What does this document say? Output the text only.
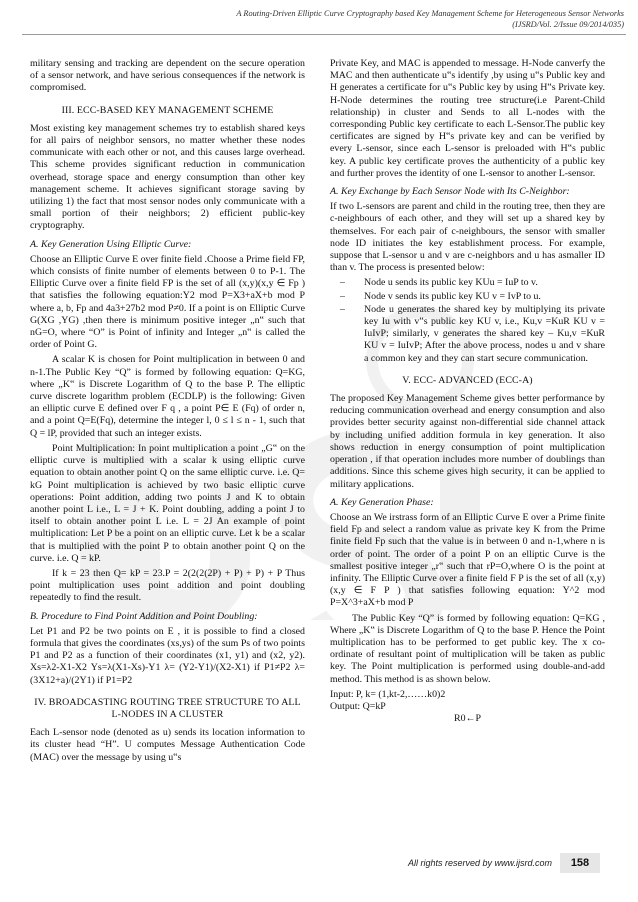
A Routing-Driven Elliptic Curve Cryptography based Key Management Scheme for Heterogeneous Sensor Networks
(IJSRD/Vol. 2/Issue 09/2014/035)

military sensing and tracking are dependent on the secure operation of a sensor network, and have serious consequences if the network is compromised.

III. ECC-BASED KEY MANAGEMENT SCHEME

Most existing key management schemes try to establish shared keys for all pairs of neighbor sensors, no matter whether these nodes communicate with each other or not, and this causes large overhead. This scheme provides significant reduction in communication overhead, storage space and energy consumption than other key management scheme. It achieves significant storage saving by utilizing 1) the fact that most sensor nodes only communicate with a small portion of their neighbors; 2) efficient public-key cryptography.

A. Key Generation Using Elliptic Curve:

Choose an Elliptic Curve E over finite field .Choose a Prime field FP, which consists of finite number of elements between 0 to P-1. The Elliptic Curve over a finite field FP is the set of all (x,y)(x,y ∈ Fp ) that satisfies the following equation:Y2 mod P=X3+aX+b mod P where a, b, Fp and 4a3+27b2 mod P≠0. If a point is on Elliptic Curve G(XG ,YG) ,then there is minimum positive integer „n‟ such that nG=O, where “O” is Point of infinity and Integer „n‟ is called the order of Point G.

A scalar K is chosen for Point multiplication in between 0 and n-1.The Public Key “Q” is formed by following equation: Q=KG, where „K‟ is Discrete Logarithm of Q to the base P. The elliptic curve discrete logarithm problem (ECDLP) is the following: Given an elliptic curve E defined over F q , a point P∈ E (Fq) of order n, and a point Q=E(Fq), determine the integer l, 0 ≤ l ≤ n - 1, such that Q = lP, provided that such an integer exists.

Point Multiplication: In point multiplication a point „G‟ on the elliptic curve is multiplied with a scalar k using elliptic curve equation to obtain another point Q on the same elliptic curve. i.e. Q= kG Point multiplication is achieved by two basic elliptic curve operations: Point addition, adding two points J and K to obtain another point L i.e., L = J + K. Point doubling, adding a point J to itself to obtain another point L i.e. L = 2J An example of point multiplication: Let P be a point on an elliptic curve. Let k be a scalar that is multiplied with the point P to obtain another point Q on the curve. i.e. Q = kP.

If k = 23 then Q= kP = 23.P = 2(2(2(2P) + P) + P) + P Thus point multiplication uses point addition and point doubling repeatedly to find the result.

B. Procedure to Find Point Addition and Point Doubling:

Let P1 and P2 be two points on E , it is possible to find a closed formula that gives the coordinates (xs,ys) of the sum Ps of two points P1 and P2 as a function of their coordinates (x1, y1) and (x2, y2). Xs=λ2-X1-X2 Ys=λ(X1-Xs)-Y1 λ= (Y2-Y1)/(X2-X1) if P1≠P2 λ=(3X12+a)/(2Y1) if P1=P2

IV. BROADCASTING ROUTING TREE STRUCTURE TO ALL L-NODES IN A CLUSTER

Each L-sensor node (denoted as u) sends its location information to its cluster head “H”. U computes Message Authentication Code (MAC) over the message by using u‟s

Private Key, and MAC is appended to message. H-Node canverfy the MAC and then authenticate u‟s identify ,by using u‟s Public key and H generates a certificate for u‟s Public key by using H‟s Private key. H-Node determines the routing tree structure(i.e Parent-Child relationship) in cluster and Sends to all L-nodes with the corresponding Public key certificate to each L-Sensor.The public key certificates are signed by H‟s private key and can be verified by every L-sensor, since each L-sensor is preloaded with H‟s public key. A public key certificate proves the authenticity of a public key and further proves the identity of one L-sensor to another L-sensor.

A. Key Exchange by Each Sensor Node with Its C-Neighbor:

If two L-sensors are parent and child in the routing tree, then they are c-neighbours of each other, and they will set up a shared key by themselves. For each pair of c-neighbours, the sensor with smaller node ID initiates the key establishment process. For example, suppose that L-sensor u and v are c-neighbors and u has asmaller ID than v. The process is presented below:

– Node u sends its public key KUu = IuP to v.
– Node v sends its public key KU v = IvP to u.
– Node u generates the shared key by multiplying its private key Iu with v‟s public key KU v, i.e., Ku,v =KuR KU v = IuIvP; similarly, v generates the shared key – Ku,v =KuR KU v = IuIvP; After the above process, nodes u and v share a common key and they can start secure communication.
V. ECC- ADVANCED (ECC-A)

The proposed Key Management Scheme gives better performance by reducing communication overhead and energy consumption and also provides better security against non-differential side channel attack by including unified addition formula in key generation. It also shows reduction in energy consumption of point multiplication operation , if that operation includes more number of doublings than additions. Since this scheme gives high security, it can be applied to military applications.

A. Key Generation Phase:

Choose an We irstrass form of an Elliptic Curve E over a Prime finite field Fp and select a random value as private key K from the Prime finite field Fp such that the value is in between 0 and n-1,where n is order of point. The order of a point P on an elliptic Curve is the smallest positive integer „r‟ such that rP=O,where O is the point at infinity. The Elliptic Curve over a finite field F P is the set of all (x,y)(x,y ∈ F P ) that satisfies following equation: Y^2 mod P=X^3+aX+b mod P

The Public Key “Q” is formed by following equation: Q=KG , Where „K‟ is Discrete Logarithm of Q to the base P. Hence the Point multiplication has to be performed to get public key. The x co-ordinate of resultant point of multiplication will be taken as public key. The Point multiplication is performed using double-and-add method. This method is as shown below.

Input: P, k= (1,kt-2,……k0)2
Output: Q=kP
R0←P
All rights reserved by www.ijsrd.com	158
